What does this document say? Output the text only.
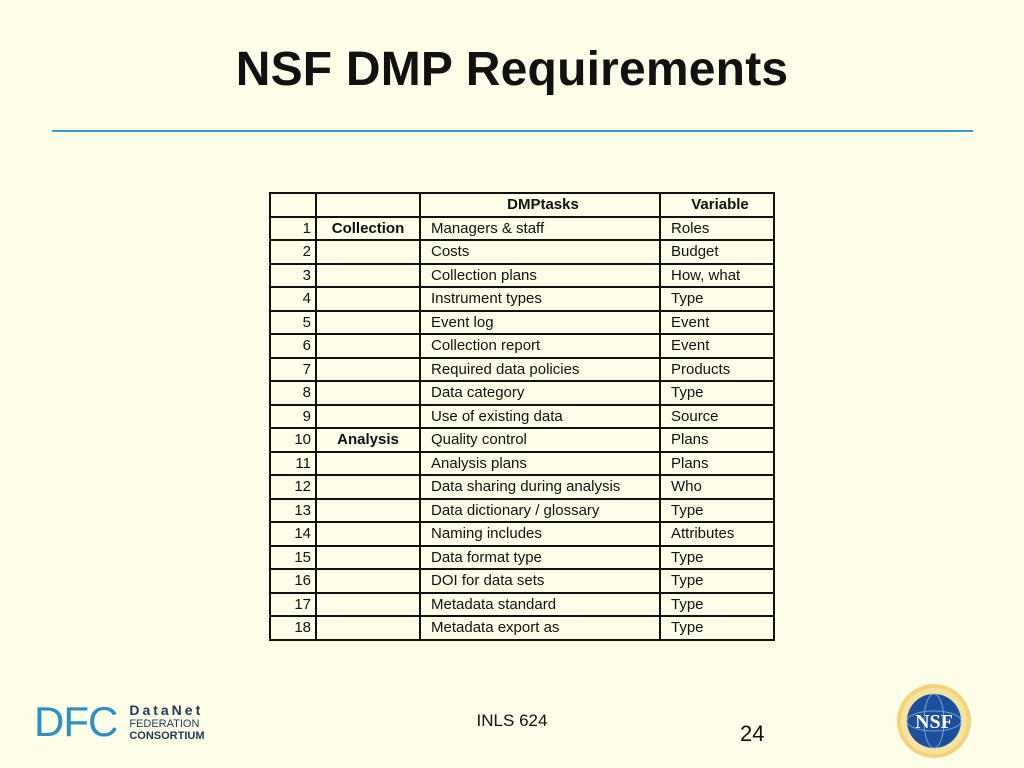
NSF DMP Requirements
		DMPtasks	Variable
1	Collection	Managers & staff	Roles
2		Costs	Budget
3		Collection plans	How, what
4		Instrument types	Type
5		Event log	Event
6		Collection report	Event
7		Required data policies	Products
8		Data category	Type
9		Use of existing data	Source
10	Analysis	Quality control	Plans
11		Analysis plans	Plans
12		Data sharing during analysis	Who
13		Data dictionary / glossary	Type
14		Naming includes	Attributes
15		Data format type	Type
16		DOI for data sets	Type
17		Metadata standard	Type
18		Metadata export as	Type
DFC DataNet
FEDERATION
CONSORTIUM
INLS 624
24	NSF
